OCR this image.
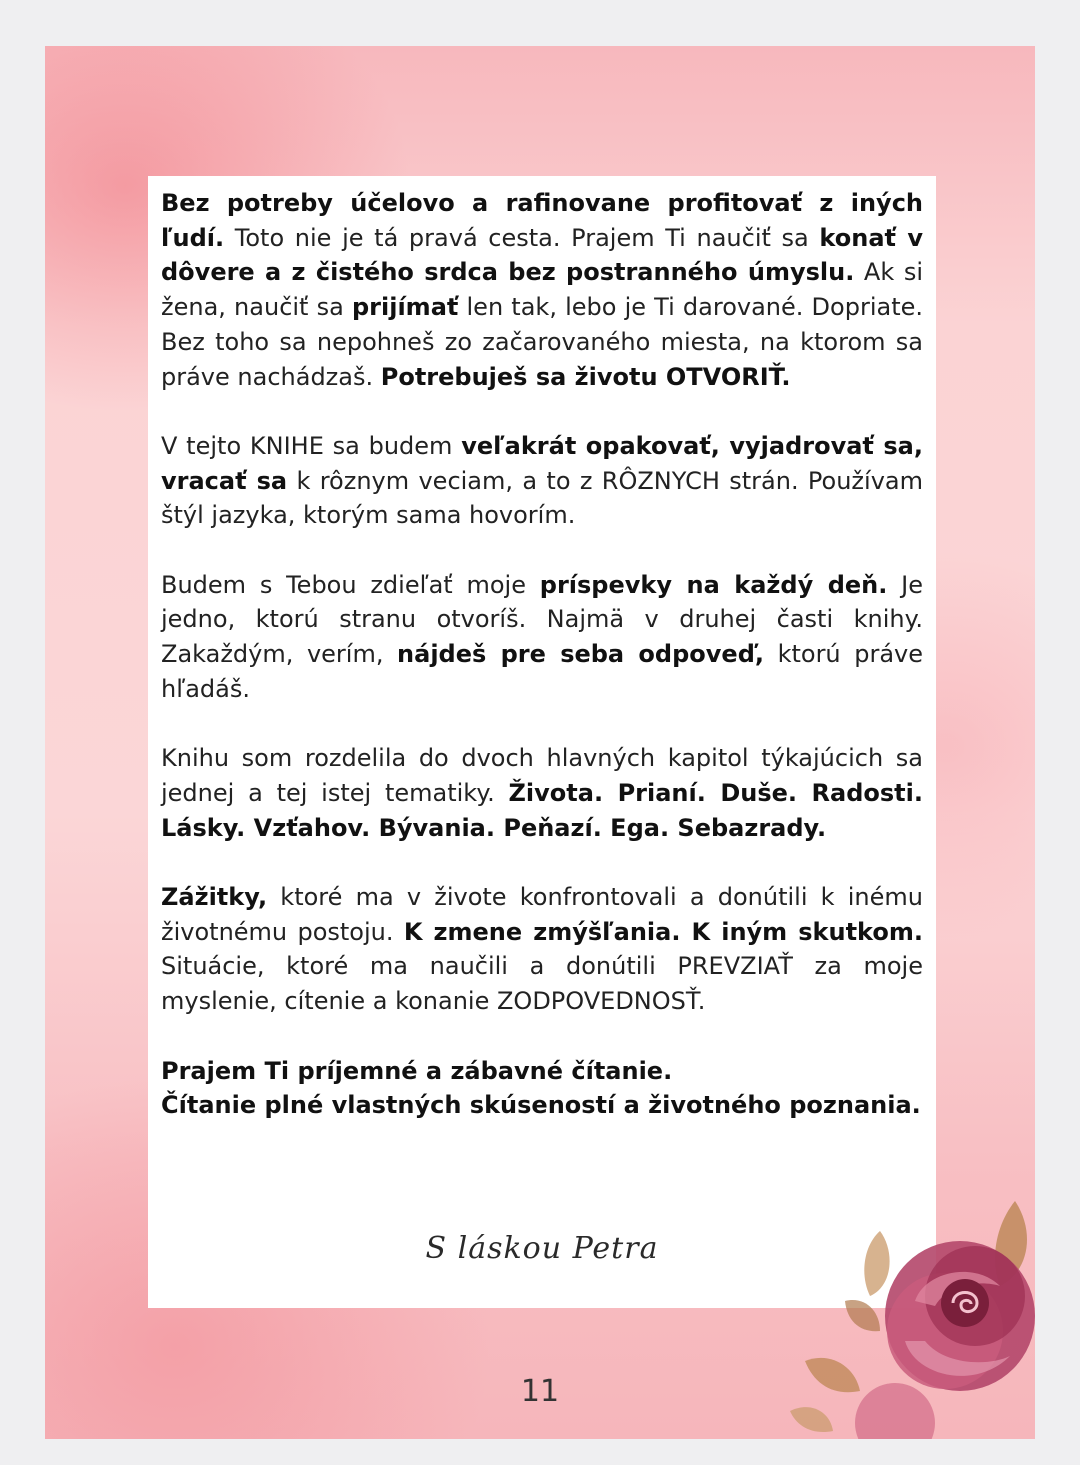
Bez potreby účelovo a rafinovane profitovať z iných ľudí. Toto nie je tá pravá cesta. Prajem Ti naučiť sa konať v dôvere a z čistého srdca bez postranného úmyslu. Ak si žena, naučiť sa prijímať len tak, lebo je Ti darované. Dopriate. Bez toho sa nepohneš zo začarovaného miesta, na ktorom sa práve nachádzaš. Potrebuješ sa životu OTVORIŤ.

V tejto KNIHE sa budem veľakrát opakovať, vyjadrovať sa, vracať sa k rôznym veciam, a to z RÔZNYCH strán. Používam štýl jazyka, ktorým sama hovorím.

Budem s Tebou zdieľať moje príspevky na každý deň. Je jedno, ktorú stranu otvoríš. Najmä v druhej časti knihy. Zakaždým, verím, nájdeš pre seba odpoveď, ktorú práve hľadáš.

Knihu som rozdelila do dvoch hlavných kapitol týkajúcich sa jednej a tej istej tematiky. Života. Prianí. Duše. Radosti. Lásky. Vzťahov. Bývania. Peňazí. Ega. Sebazrady.

Zážitky, ktoré ma v živote konfrontovali a donútili k inému životnému postoju. K zmene zmýšľania. K iným skutkom. Situácie, ktoré ma naučili a donútili PREVZIAŤ za moje myslenie, cítenie a konanie ZODPOVEDNOSŤ.

Prajem Ti príjemné a zábavné čítanie.
Čítanie plné vlastných skúseností a životného poznania.

S láskou Petra
11
